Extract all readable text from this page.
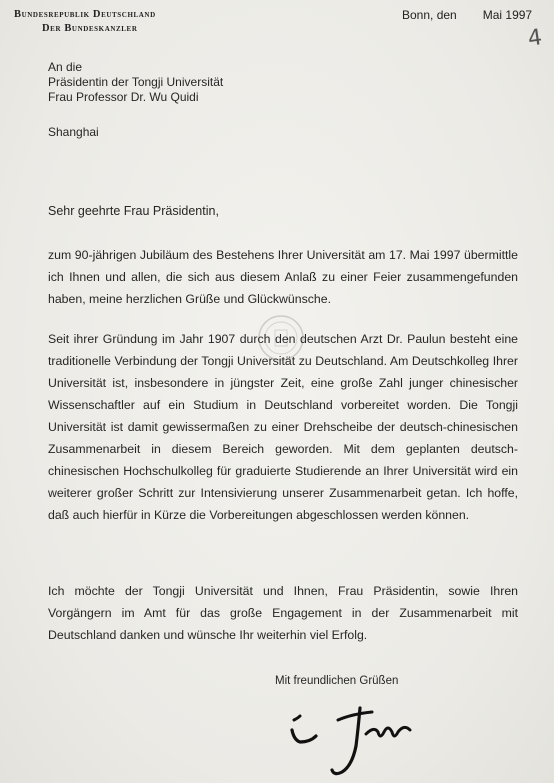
Bundesrepublik Deutschland
Der Bundeskanzler
Bonn, den Mai 1997
4
An die
Präsidentin der Tongji Universität
Frau Professor Dr. Wu Quidi
Shanghai
Sehr geehrte Frau Präsidentin,
zum 90-jährigen Jubiläum des Bestehens Ihrer Universität am 17. Mai 1997 übermittle ich Ihnen und allen, die sich aus diesem Anlaß zu einer Feier zusammengefunden haben, meine herzlichen Grüße und Glückwünsche.
Seit ihrer Gründung im Jahr 1907 durch den deutschen Arzt Dr. Paulun besteht eine traditionelle Verbindung der Tongji Universität zu Deutschland. Am Deutschkolleg Ihrer Universität ist, insbesondere in jüngster Zeit, eine große Zahl junger chinesischer Wissenschaftler auf ein Studium in Deutschland vorbereitet worden. Die Tongji Universität ist damit gewissermaßen zu einer Drehscheibe der deutsch-chinesischen Zusammenarbeit in diesem Bereich geworden. Mit dem geplanten deutsch-chinesischen Hochschulkolleg für graduierte Studierende an Ihrer Universität wird ein weiterer großer Schritt zur Intensivierung unserer Zusammenarbeit getan. Ich hoffe, daß auch hierfür in Kürze die Vorbereitungen abgeschlossen werden können.
Ich möchte der Tongji Universität und Ihnen, Frau Präsidentin, sowie Ihren Vorgängern im Amt für das große Engagement in der Zusammenarbeit mit Deutschland danken und wünsche Ihr weiterhin viel Erfolg.
Mit freundlichen Grüßen
